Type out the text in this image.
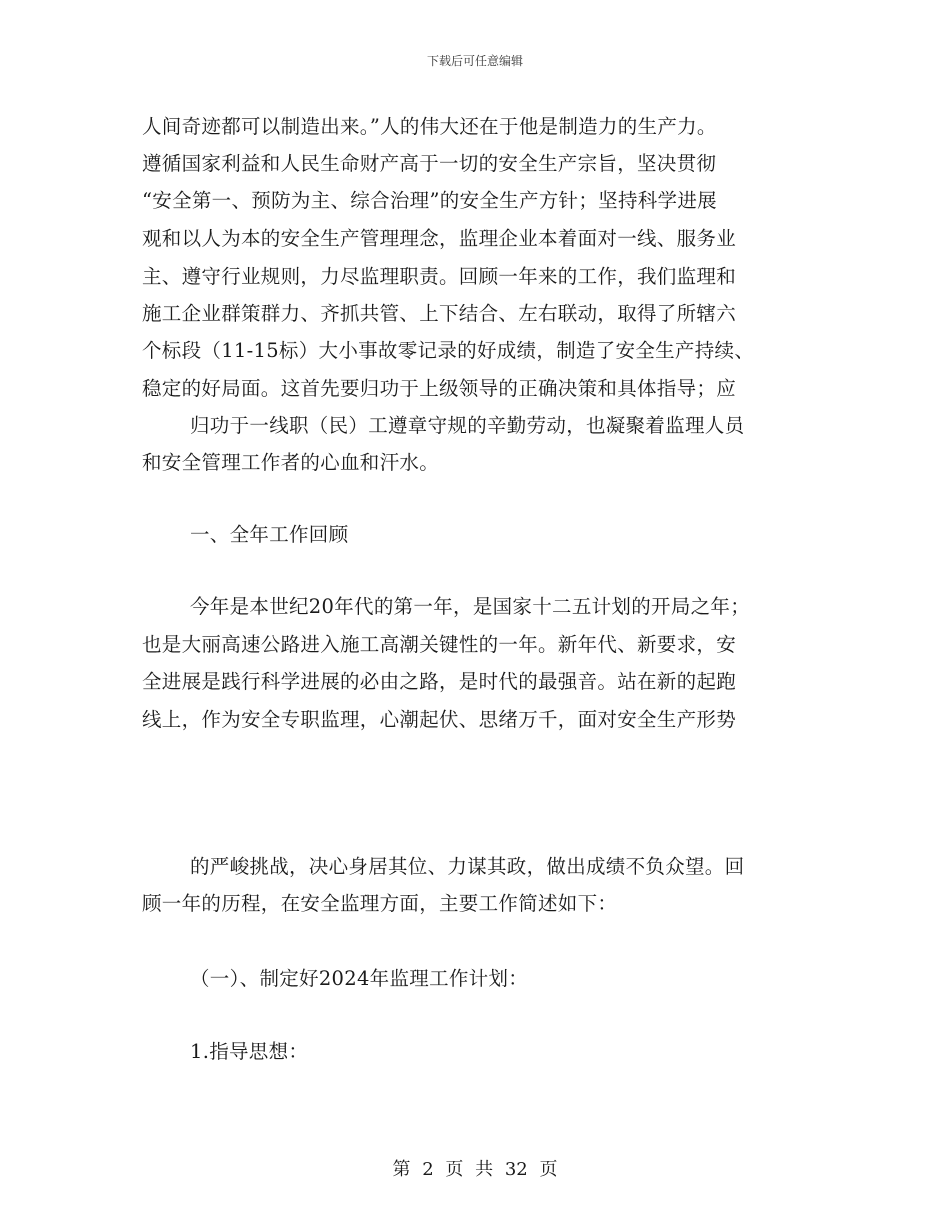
下载后可任意编辑
人间奇迹都可以制造出来。”人的伟大还在于他是制造力的生产力。
遵循国家利益和人民生命财产高于一切的安全生产宗旨，坚决贯彻
“安全第一、预防为主、综合治理”的安全生产方针；坚持科学进展
观和以人为本的安全生产管理理念，监理企业本着面对一线、服务业
主、遵守行业规则，力尽监理职责。回顾一年来的工作，我们监理和
施工企业群策群力、齐抓共管、上下结合、左右联动，取得了所辖六
个标段（11-15标）大小事故零记录的好成绩，制造了安全生产持续、
稳定的好局面。这首先要归功于上级领导的正确决策和具体指导；应
归功于一线职（民）工遵章守规的辛勤劳动，也凝聚着监理人员
和安全管理工作者的心血和汗水。
一、全年工作回顾
今年是本世纪20年代的第一年，是国家十二五计划的开局之年；
也是大丽高速公路进入施工高潮关键性的一年。新年代、新要求，安
全进展是践行科学进展的必由之路，是时代的最强音。站在新的起跑
线上，作为安全专职监理，心潮起伏、思绪万千，面对安全生产形势
的严峻挑战，决心身居其位、力谋其政，做出成绩不负众望。回
顾一年的历程，在安全监理方面，主要工作简述如下：
（一）、制定好2024年监理工作计划：
1.指导思想：
第 2 页 共 32 页
